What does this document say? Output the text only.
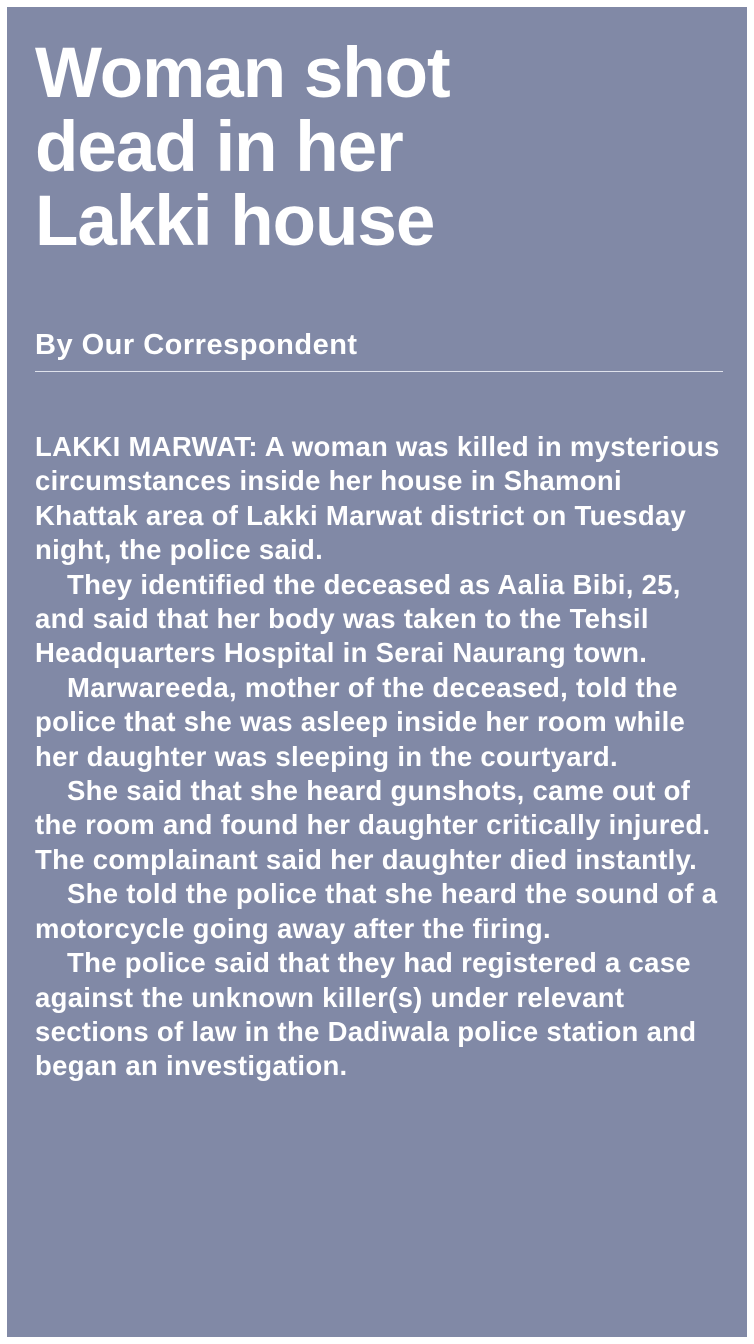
Woman shot
dead in her
Lakki house
By Our Correspondent

LAKKI MARWAT: A woman was killed in mysterious circumstances inside her house in Shamoni Khattak area of Lakki Marwat district on Tuesday night, the police said.

They identified the deceased as Aalia Bibi, 25, and said that her body was taken to the Tehsil Headquarters Hospital in Serai Naurang town.

Marwareeda, mother of the deceased, told the police that she was asleep inside her room while her daughter was sleeping in the courtyard.

She said that she heard gunshots, came out of the room and found her daughter critically injured. The complainant said her daughter died instantly.

She told the police that she heard the sound of a motorcycle going away after the firing.

The police said that they had registered a case against the unknown killer(s) under relevant sections of law in the Dadiwala police station and began an investigation.
